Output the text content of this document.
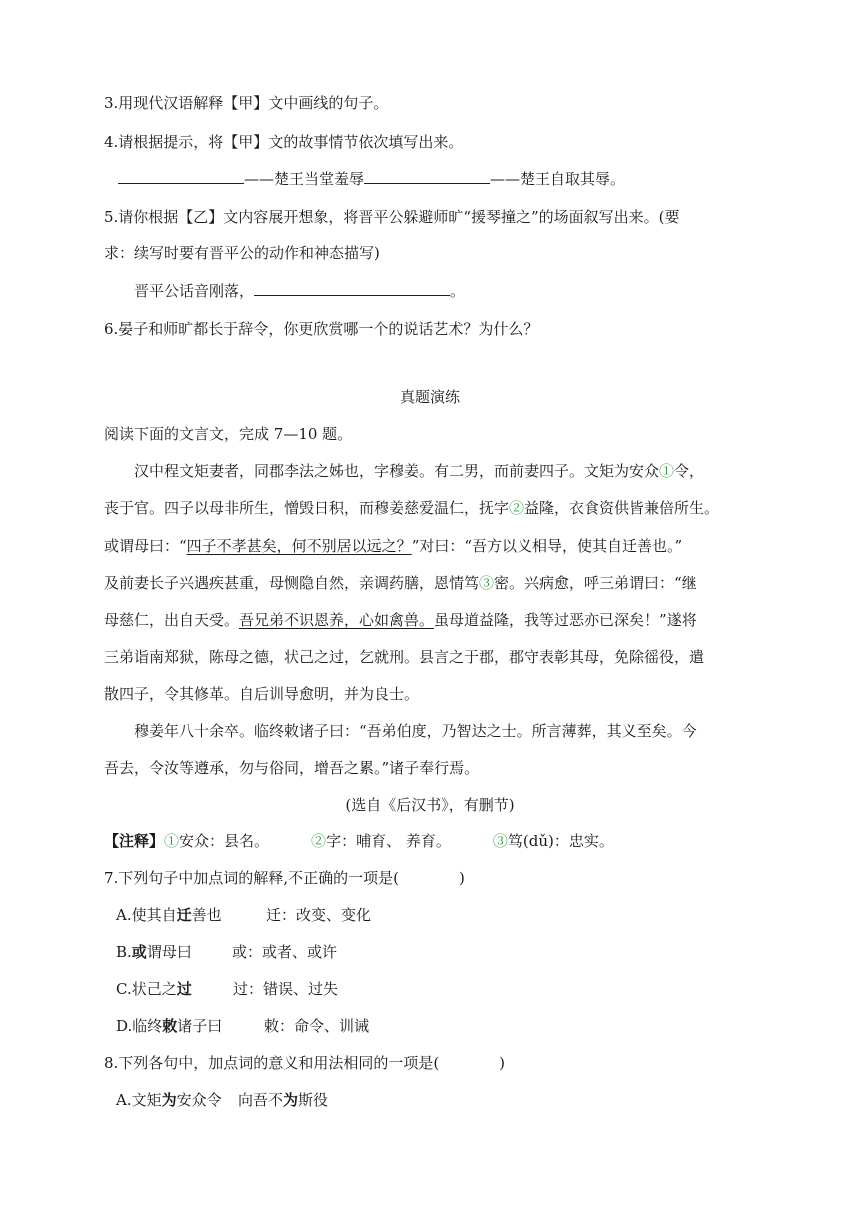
3.用现代汉语解释【甲】文中画线的句子。
4.请根据提示，将【甲】文的故事情节依次填写出来。
——楚王当堂羞辱	——楚王自取其辱。
5.请你根据【乙】文内容展开想象，将晋平公躲避师旷“援琴撞之”的场面叙写出来。(要
求：续写时要有晋平公的动作和神态描写)
晋平公话音刚落，	。
6.晏子和师旷都长于辞令，你更欣赏哪一个的说话艺术？为什么？
真题演练
阅读下面的文言文，完成 7—10 题。
汉中程文矩妻者，同郡李法之姊也，字穆姜。有二男，而前妻四子。文矩为安众①令，
丧于官。四子以母非所生，憎毁日积，而穆姜慈爱温仁，抚字②益隆，衣食资供皆兼倍所生。
或谓母曰：“四子不孝甚矣，何不别居以远之？”对曰：“吾方以义相导，使其自迁善也。”
及前妻长子兴遇疾甚重，母恻隐自然，亲调药膳，恩情笃③密。兴病愈，呼三弟谓曰：“继
母慈仁，出自天受。吾兄弟不识恩养，心如禽兽。虽母道益隆，我等过恶亦已深矣！”遂将
三弟诣南郑狱，陈母之德，状己之过，乞就刑。县言之于郡，郡守表彰其母，免除徭役，遣
散四子，令其修革。自后训导愈明，并为良士。
穆姜年八十余卒。临终敕诸子曰：“吾弟伯度，乃智达之士。所言薄葬，其义至矣。今
吾去，令汝等遵承，勿与俗同，增吾之累。”诸子奉行焉。
(选自《后汉书》，有删节)
【注释】①安众：县名。	②字：哺育、 养育。	③笃(dǔ)：忠实。
7.下列句子中加点词的解释,不正确的一项是(	)
A.使其自迁善也	迁：改变、变化
B.或谓母曰	或：或者、或许
C.状己之过	过：错误、过失
D.临终敕诸子曰	敕：命令、训诫
8.下列各句中，加点词的意义和用法相同的一项是(	)
A.文矩为安众令 向吾不为斯役
